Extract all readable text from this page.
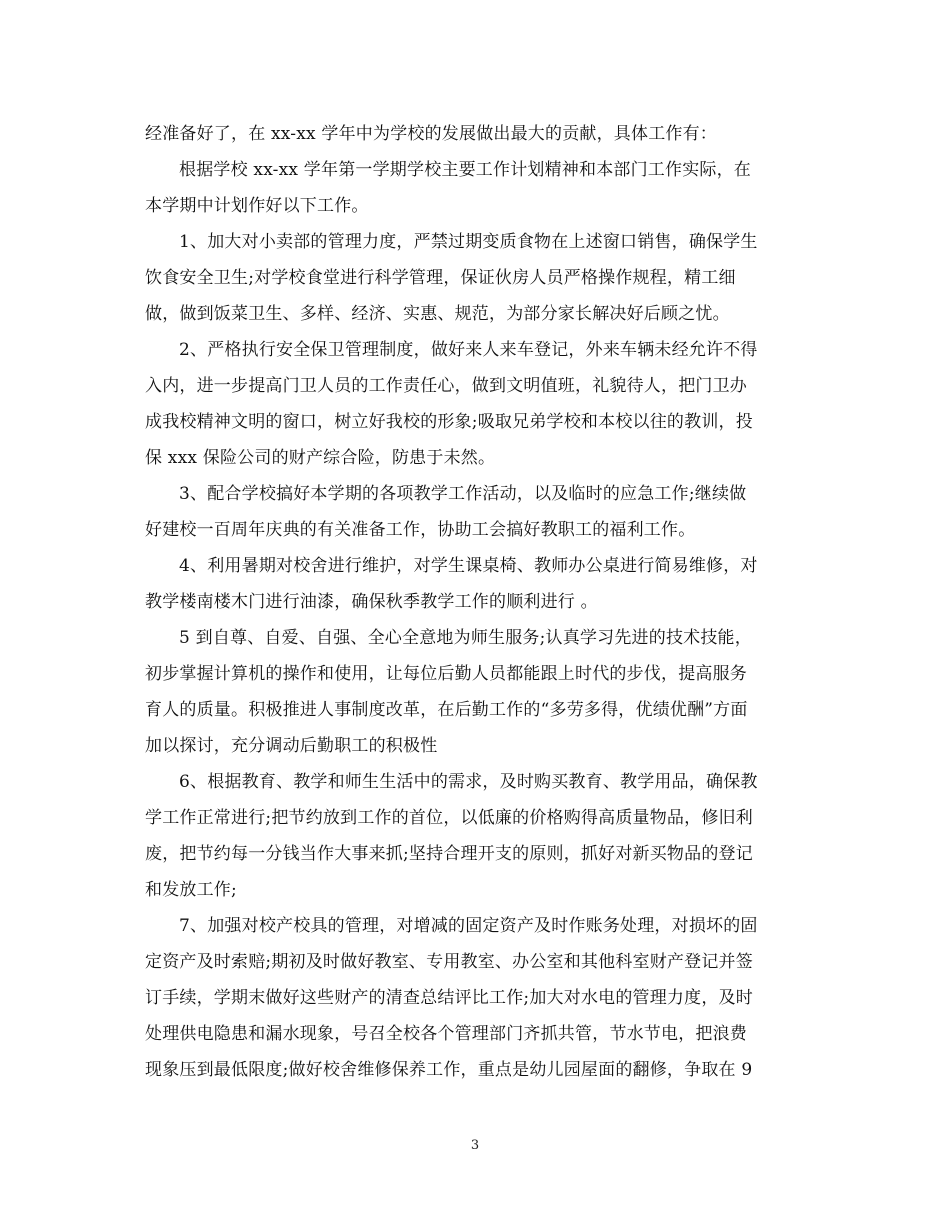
经准备好了，在 xx-xx 学年中为学校的发展做出最大的贡献，具体工作有：
根据学校 xx-xx 学年第一学期学校主要工作计划精神和本部门工作实际，在
本学期中计划作好以下工作。
1、加大对小卖部的管理力度，严禁过期变质食物在上述窗口销售，确保学生
饮食安全卫生;对学校食堂进行科学管理，保证伙房人员严格操作规程，精工细
做，做到饭菜卫生、多样、经济、实惠、规范，为部分家长解决好后顾之忧。
2、严格执行安全保卫管理制度，做好来人来车登记，外来车辆未经允许不得
入内，进一步提高门卫人员的工作责任心，做到文明值班，礼貌待人，把门卫办
成我校精神文明的窗口，树立好我校的形象;吸取兄弟学校和本校以往的教训，投
保 xxx 保险公司的财产综合险，防患于未然。
3、配合学校搞好本学期的各项教学工作活动，以及临时的应急工作;继续做
好建校一百周年庆典的有关准备工作，协助工会搞好教职工的福利工作。
4、利用暑期对校舍进行维护，对学生课桌椅、教师办公桌进行简易维修，对
教学楼南楼木门进行油漆，确保秋季教学工作的顺利进行 。
5 到自尊、自爱、自强、全心全意地为师生服务;认真学习先进的技术技能，
初步掌握计算机的操作和使用，让每位后勤人员都能跟上时代的步伐，提高服务
育人的质量。积极推进人事制度改革，在后勤工作的“多劳多得，优绩优酬”方面
加以探讨，充分调动后勤职工的积极性
6、根据教育、教学和师生生活中的需求，及时购买教育、教学用品，确保教
学工作正常进行;把节约放到工作的首位，以低廉的价格购得高质量物品，修旧利
废，把节约每一分钱当作大事来抓;坚持合理开支的原则，抓好对新买物品的登记
和发放工作;
7、加强对校产校具的管理，对增减的固定资产及时作账务处理，对损坏的固
定资产及时索赔;期初及时做好教室、专用教室、办公室和其他科室财产登记并签
订手续，学期末做好这些财产的清查总结评比工作;加大对水电的管理力度，及时
处理供电隐患和漏水现象，号召全校各个管理部门齐抓共管，节水节电，把浪费
现象压到最低限度;做好校舍维修保养工作，重点是幼儿园屋面的翻修，争取在 9
3
